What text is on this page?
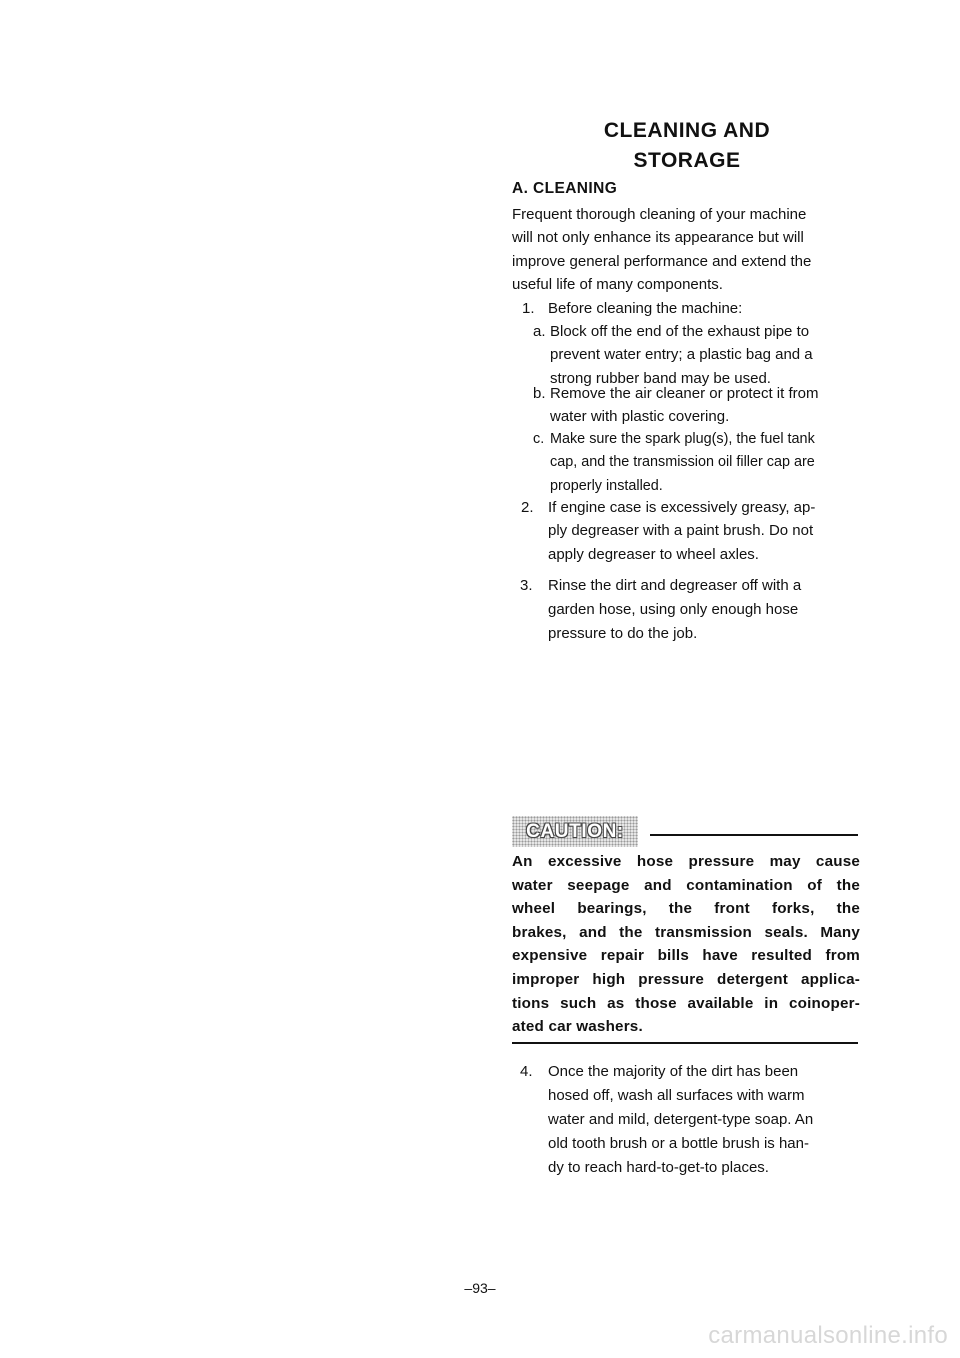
CLEANING AND
STORAGE
A. CLEANING
Frequent thorough cleaning of your machine
will not only enhance its appearance but will
improve general performance and extend the
useful life of many components.
1. Before cleaning the machine:
a. Block off the end of the exhaust pipe to
prevent water entry; a plastic bag and a
strong rubber band may be used.
b. Remove the air cleaner or protect it from
water with plastic covering.
c. Make sure the spark plug(s), the fuel tank
cap, and the transmission oil filler cap are
properly installed.
2. If engine case is excessively greasy, ap-
ply degreaser with a paint brush. Do not
apply degreaser to wheel axles.
3.	Rinse the dirt and degreaser off with a
garden hose, using only enough hose
pressure to do the job.
CAUTION:
An excessive hose pressure may cause
water seepage and contamination of the
wheel bearings, the front forks, the
brakes, and the transmission seals. Many
expensive repair bills have resulted from
improper high pressure detergent applica-
tions such as those available in coinoper-
ated car washers.
4.	Once the majority of the dirt has been
hosed off, wash all surfaces with warm
water and mild, detergent-type soap. An
old tooth brush or a bottle brush is han-
dy to reach hard-to-get-to places.
–93–
carmanualsonline.info
